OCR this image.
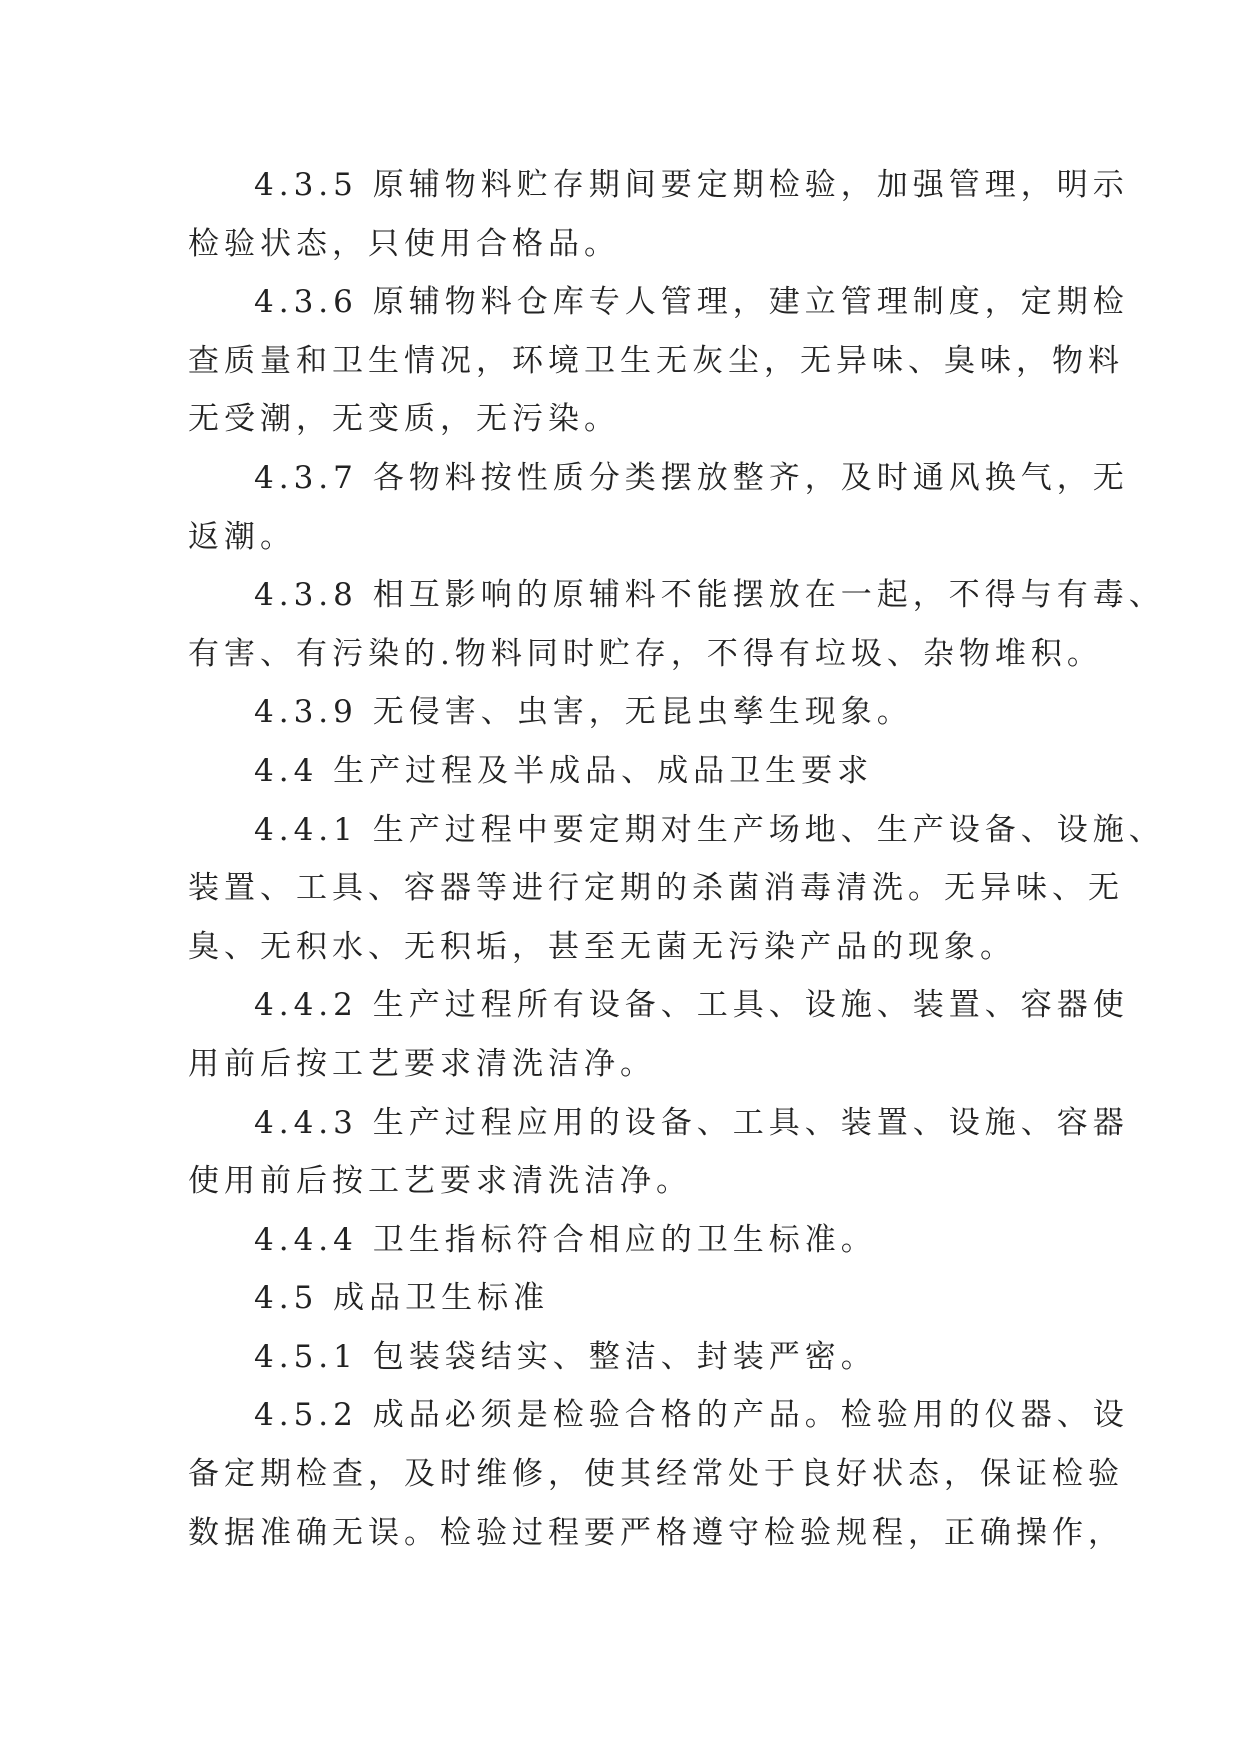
4.3.5 原辅物料贮存期间要定期检验，加强管理，明示
检验状态，只使用合格品。
4.3.6 原辅物料仓库专人管理，建立管理制度，定期检
查质量和卫生情况，环境卫生无灰尘，无异味、臭味，物料
无受潮，无变质，无污染。
4.3.7 各物料按性质分类摆放整齐，及时通风换气，无
返潮。
4.3.8 相互影响的原辅料不能摆放在一起，不得与有毒、
有害、有污染的.物料同时贮存，不得有垃圾、杂物堆积。
4.3.9 无侵害、虫害，无昆虫孳生现象。
4.4 生产过程及半成品、成品卫生要求
4.4.1 生产过程中要定期对生产场地、生产设备、设施、
装置、工具、容器等进行定期的杀菌消毒清洗。无异味、无
臭、无积水、无积垢，甚至无菌无污染产品的现象。
4.4.2 生产过程所有设备、工具、设施、装置、容器使
用前后按工艺要求清洗洁净。
4.4.3 生产过程应用的设备、工具、装置、设施、容器
使用前后按工艺要求清洗洁净。
4.4.4 卫生指标符合相应的卫生标准。
4.5 成品卫生标准
4.5.1 包装袋结实、整洁、封装严密。
4.5.2 成品必须是检验合格的产品。检验用的仪器、设
备定期检查，及时维修，使其经常处于良好状态，保证检验
数据准确无误。检验过程要严格遵守检验规程，正确操作，
